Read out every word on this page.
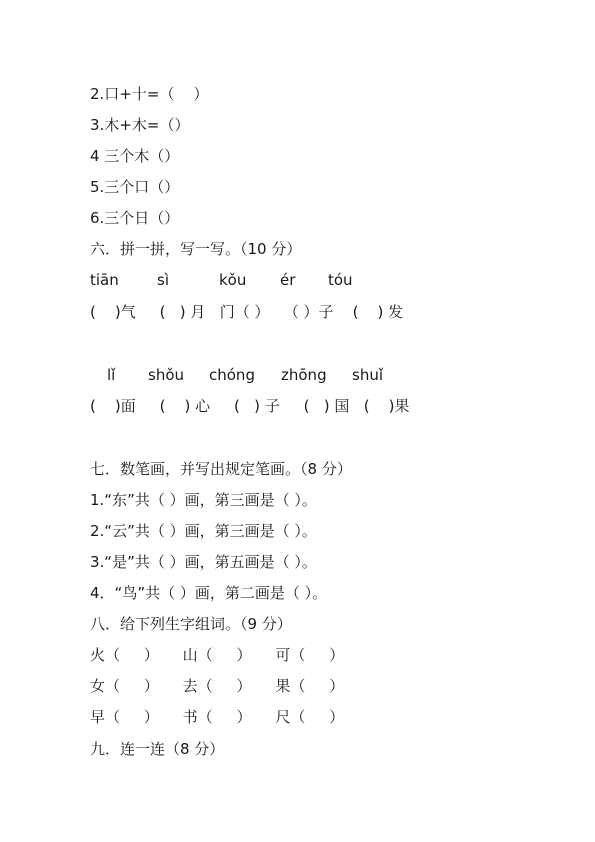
2.口+十=（    ）
3.木+木=（）
4 三个木（）
5.三个口（）
6.三个日（）
六．拼一拼，写一写。（10 分）
tiān	sì	kǒu ér tóu
(    )气     (   ) 月   门（ ）   （ ）子    (    ) 发
lǐ shǒu chóng zhōng shuǐ
(    )面     (    ) 心     (   ) 子     (   ) 国   (    )果
七．数笔画，并写出规定笔画。（8 分）
1.“东”共（ ）画，第三画是（ ）。
2.“云”共（ ）画，第三画是（ ）。
3.“是”共（ ）画，第五画是（ ）。
4．“鸟”共（ ）画，第二画是（ ）。
八．给下列生字组词。（9 分）
火（     ）     山（     ）     可（     ）
女（     ）     去（     ）     果（     ）
早（     ）     书（     ）     尺（     ）
九．连一连（8 分）
